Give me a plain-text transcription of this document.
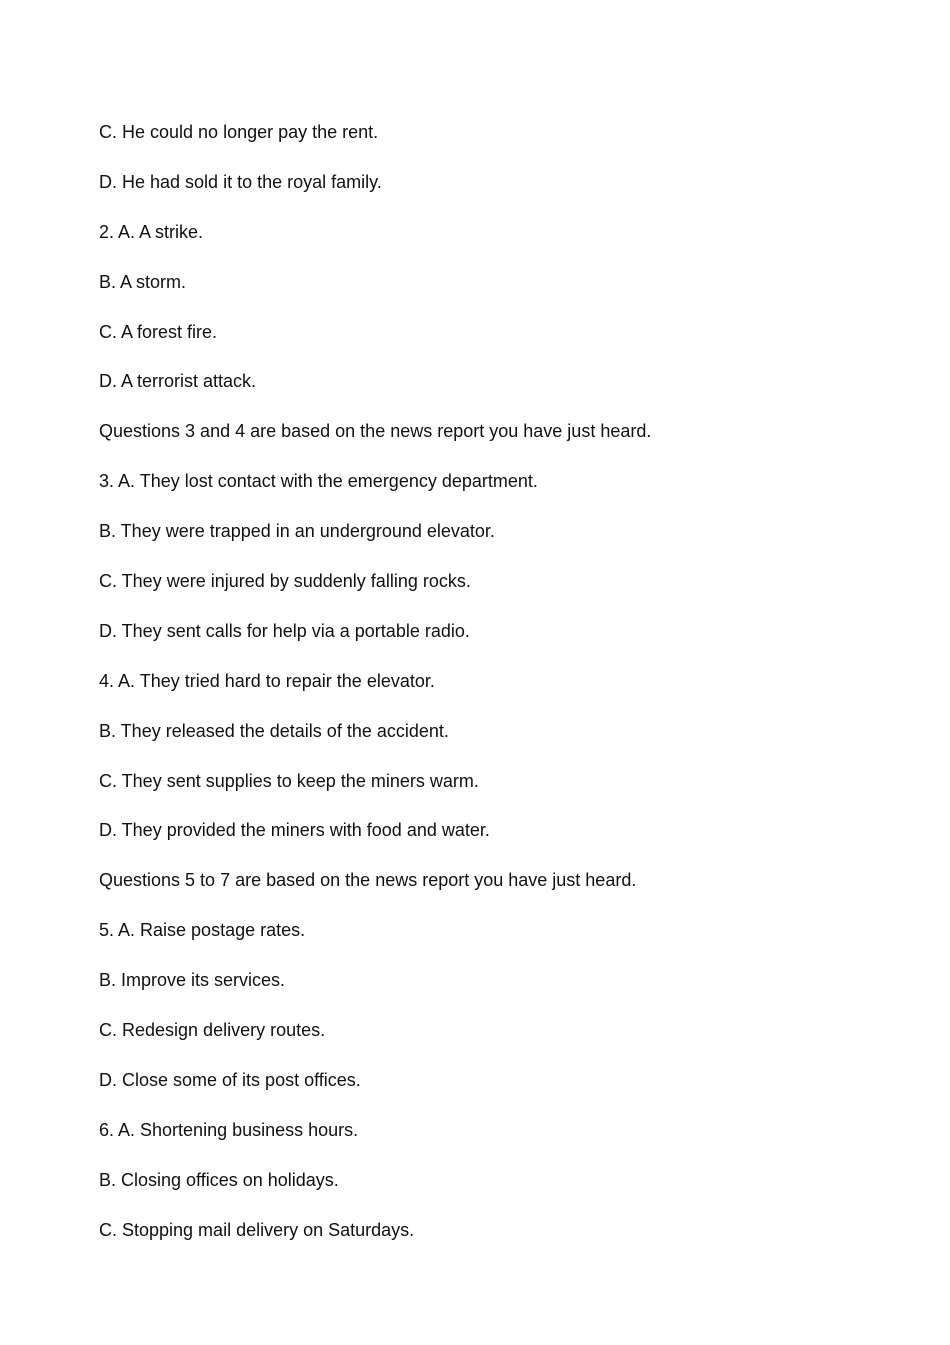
C. He could no longer pay the rent.
D. He had sold it to the royal family.
2. A. A strike.
B. A storm.
C. A forest fire.
D. A terrorist attack.
Questions 3 and 4 are based on the news report you have just heard.
3. A. They lost contact with the emergency department.
B. They were trapped in an underground elevator.
C. They were injured by suddenly falling rocks.
D. They sent calls for help via a portable radio.
4. A. They tried hard to repair the elevator.
B. They released the details of the accident.
C. They sent supplies to keep the miners warm.
D. They provided the miners with food and water.
Questions 5 to 7 are based on the news report you have just heard.
5. A. Raise postage rates.
B. Improve its services.
C. Redesign delivery routes.
D. Close some of its post offices.
6. A. Shortening business hours.
B. Closing offices on holidays.
C. Stopping mail delivery on Saturdays.
